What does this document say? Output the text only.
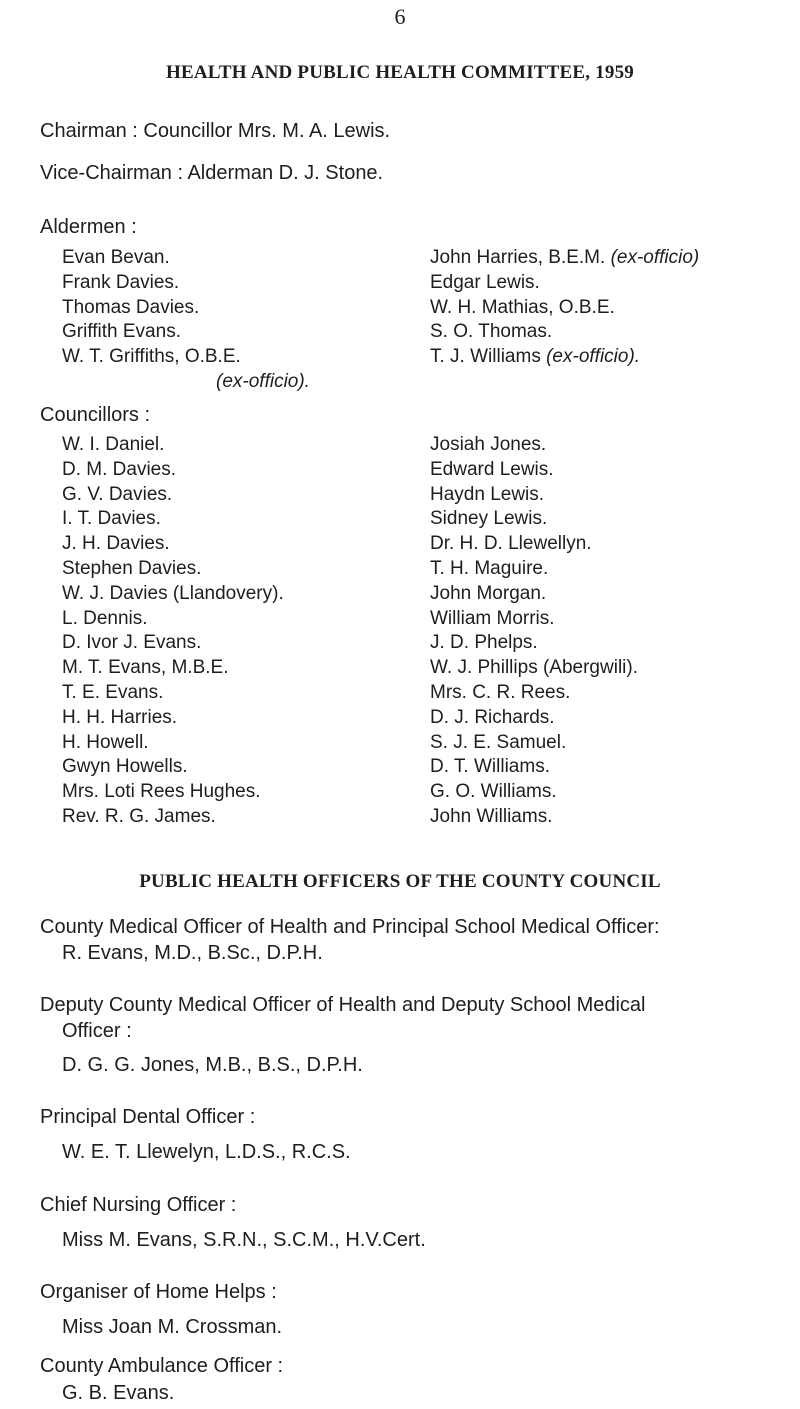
6
HEALTH AND PUBLIC HEALTH COMMITTEE, 1959
Chairman : Councillor Mrs. M. A. Lewis.
Vice-Chairman : Alderman D. J. Stone.
Aldermen :
Evan Bevan.
Frank Davies.
Thomas Davies.
Griffith Evans.
W. T. Griffiths, O.B.E.
(ex-officio).
John Harries, B.E.M. (ex-officio)
Edgar Lewis.
W. H. Mathias, O.B.E.
S. O. Thomas.
T. J. Williams (ex-officio).
Councillors :
W. I. Daniel.
D. M. Davies.
G. V. Davies.
I. T. Davies.
J. H. Davies.
Stephen Davies.
W. J. Davies (Llandovery).
L. Dennis.
D. Ivor J. Evans.
M. T. Evans, M.B.E.
T. E. Evans.
H. H. Harries.
H. Howell.
Gwyn Howells.
Mrs. Loti Rees Hughes.
Rev. R. G. James.
Josiah Jones.
Edward Lewis.
Haydn Lewis.
Sidney Lewis.
Dr. H. D. Llewellyn.
T. H. Maguire.
John Morgan.
William Morris.
J. D. Phelps.
W. J. Phillips (Abergwili).
Mrs. C. R. Rees.
D. J. Richards.
S. J. E. Samuel.
D. T. Williams.
G. O. Williams.
John Williams.
PUBLIC HEALTH OFFICERS OF THE COUNTY COUNCIL
County Medical Officer of Health and Principal School Medical Officer:
R. Evans, M.D., B.Sc., D.P.H.
Deputy County Medical Officer of Health and Deputy School Medical
Officer :
D. G. G. Jones, M.B., B.S., D.P.H.
Principal Dental Officer :
W. E. T. Llewelyn, L.D.S., R.C.S.
Chief Nursing Officer :
Miss M. Evans, S.R.N., S.C.M., H.V.Cert.
Organiser of Home Helps :
Miss Joan M. Crossman.
County Ambulance Officer :
G. B. Evans.
